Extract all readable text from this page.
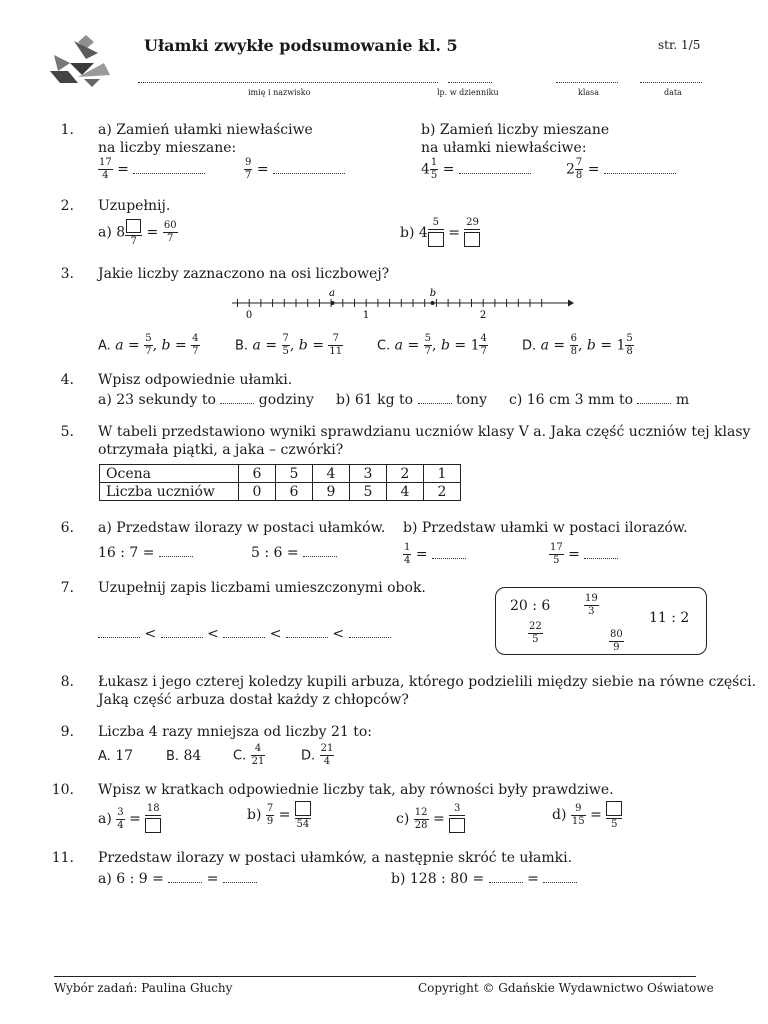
Ułamki zwykłe podsumowanie kl. 5	str. 1/5
imię i nazwisko	lp. w dzienniku	klasa	data
1. a) Zamień ułamki niewłaściwe
na liczby mieszane:
b) Zamień liczby mieszane
na ułamki niewłaściwe:
$\frac{17}{4}$ =	$\frac{9}{7}$ =	$4 \frac{1}{5}$ =	$2 \frac{7}{8}$ =
2. Uzupełnij.
a) 8
7
= $\frac{60}{7}$	b) 4
5
=
29
3. Jakie liczby zaznaczono na osi liczbowej?
a	b
0	1	2
A. $a = \frac{5}{7}$ , $b = \frac{4}{7}$	B. $a = \frac{7}{5}$ , $b = \frac{7}{11}$	C. $a = \frac{5}{7}$ , $b = 1 \frac{4}{7}$	D. $a = \frac{6}{8}$ , $b = 1 \frac{5}{8}$
4. Wpisz odpowiednie ułamki.
a) 23 sekundy to	godziny b) 61 kg to	tony c) 16 cm 3 mm to	m
5. W tabeli przedstawiono wyniki sprawdzianu uczniów klasy V a. Jaka część uczniów tej klasy
otrzymała piątki, a jaka – czwórki?
Ocena	6	5	4	3	2	1
Liczba uczniów	0	6	9	5	4	2
6. a) Przedstaw ilorazy w postaci ułamków. b) Przedstaw ułamki w postaci ilorazów.
16 : 7 =	5 : 6 =	$\frac{1}{4}$ =	$\frac{17}{5}$ =
7. Uzupełnij zapis liczbami umieszczonymi obok.
<	<	<	<
20 : 6	$\frac{19}{3}$
11 : 2
$\frac{22}{5}$	$\frac{80}{9}$
8. Łukasz i jego czterej koledzy kupili arbuza, którego podzielili między siebie na równe części.
Jaką część arbuza dostał każdy z chłopców?
9. Liczba 4 razy mniejsza od liczby 21 to:
A. 17	B. 84 C. $\frac{4}{21}$	D. $\frac{21}{4}$
10. Wpisz w kratkach odpowiednie liczby tak, aby równości były prawdziwe.
$a) \frac{3}{4}$ =
18	$b) \frac{7}{9}$ =
54	$c) \frac{12}{28}$ =
3	$d) \frac{9}{15}$ =
5
11. Przedstaw ilorazy w postaci ułamków, a następnie skróć te ułamki.
a) 6 : 9 =	=	b) 128 : 80 =	=
Wybór zadań: Paulina Głuchy	Copyright © Gdańskie Wydawnictwo Oświatowe
